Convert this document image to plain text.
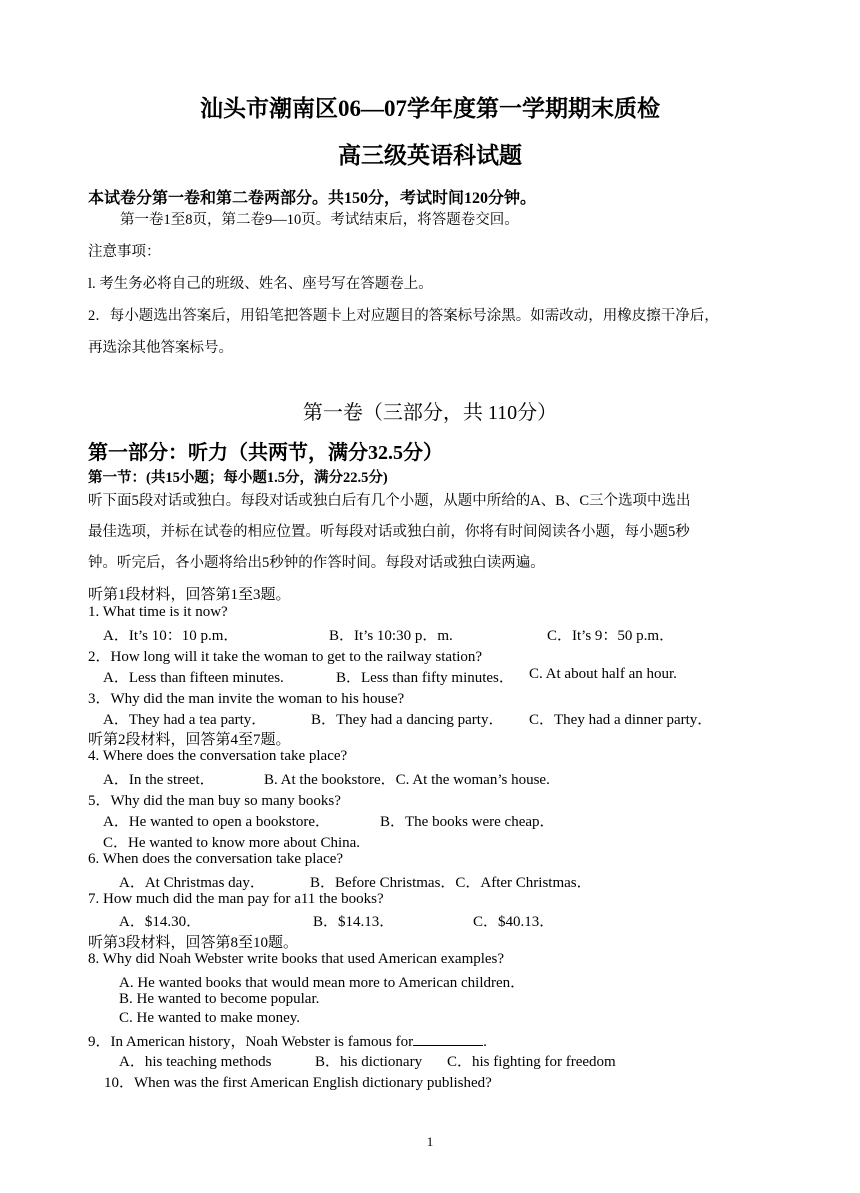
汕头市潮南区06—07学年度第一学期期末质检
高三级英语科试题
本试卷分第一卷和第二卷两部分。共150分，考试时间120分钟。
第一卷1至8页，第二卷9—10页。考试结束后，将答题卷交回。
注意事项：
l. 考生务必将自己的班级、姓名、座号写在答题卷上。
2．每小题选出答案后，用铅笔把答题卡上对应题目的答案标号涂黑。如需改动，用橡皮擦干净后，
再选涂其他答案标号。
第一卷（三部分，共 110分）
第一部分：听力（共两节，满分32.5分）
第一节：(共15小题；每小题1.5分，满分22.5分)
听下面5段对话或独白。每段对话或独白后有几个小题，从题中所给的A、B、C三个选项中选出
最佳选项，并标在试卷的相应位置。听每段对话或独白前，你将有时间阅读各小题，每小题5秒
钟。听完后，各小题将给出5秒钟的作答时间。每段对话或独白读两遍。
听第1段材料，回答第1至3题。
1. What time is it now?
A．It’s 10：10 p.m．	B．It’s 10:30 p．m.	C．It’s 9：50 p.m．
2．How long will it take the woman to get to the railway station?
A．Less than fifteen minutes.	B．Less than fifty minutes． C. At about half an hour.
3．Why did the man invite the woman to his house?
A．They had a tea party．	B．They had a dancing party． C．They had a dinner party．
听第2段材料，回答第4至7题。
4. Where does the conversation take place?
A．In the street．	B. At the bookstore．C. At the woman’s house.
5．Why did the man buy so many books?
A．He wanted to open a bookstore．	B．The books were cheap．
C．He wanted to know more about China.
6. When does the conversation take place?
A．At Christmas day．	B．Before Christmas．C．After Christmas．
7. How much did the man pay for a11 the books?
A．$14.30．	B．$14.13．	C．$40.13．
听第3段材料，回答第8至10题。
8. Why did Noah Webster write books that used American examples?
A. He wanted books that would mean more to American children．
B. He wanted to become popular.
C. He wanted to make money.
9．In American history，Noah Webster is famous for	.
A．his teaching methods	B．his dictionary C．his fighting for freedom
10．When was the first American English dictionary published?
1
